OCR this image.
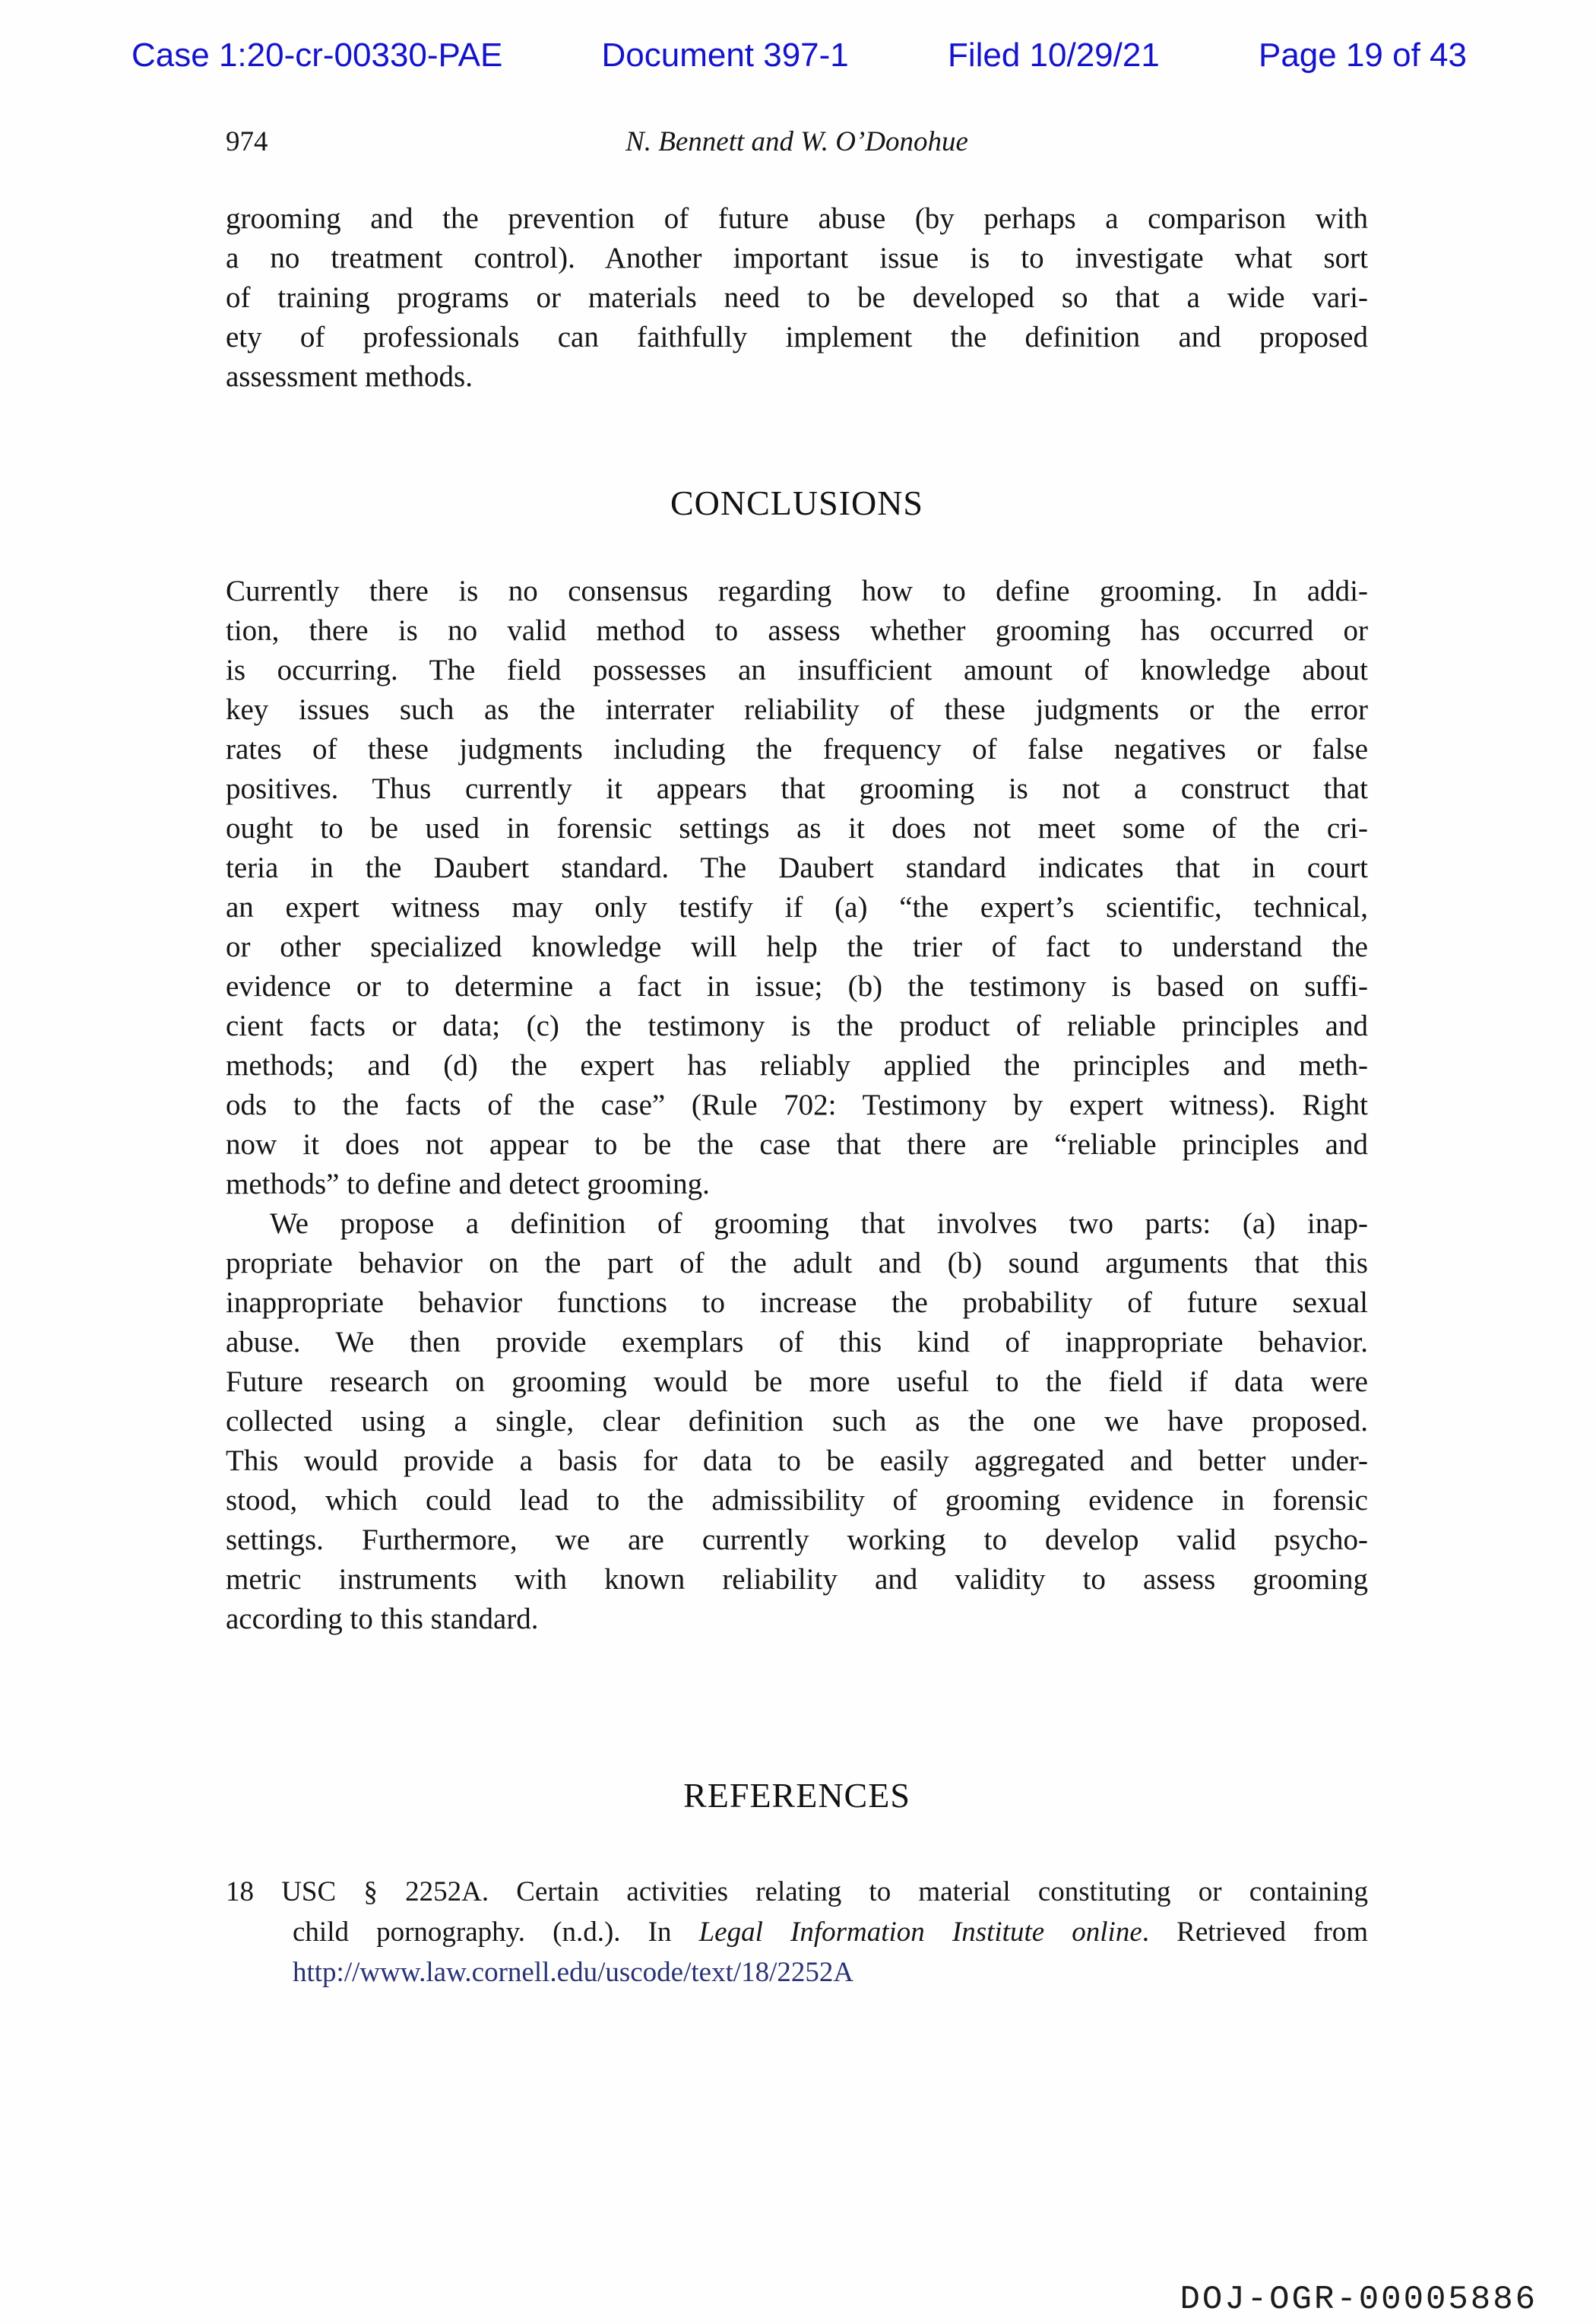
Case 1:20-cr-00330-PAE	Document 397-1	Filed 10/29/21	Page 19 of 43
974	N. Bennett and W. O’Donohue
grooming and the prevention of future abuse (by perhaps a comparison with
a no treatment control). Another important issue is to investigate what sort
of training programs or materials need to be developed so that a wide vari-
ety of professionals can faithfully implement the definition and proposed
assessment methods.
CONCLUSIONS
Currently there is no consensus regarding how to define grooming. In addi-
tion, there is no valid method to assess whether grooming has occurred or
is occurring. The field possesses an insufficient amount of knowledge about
key issues such as the interrater reliability of these judgments or the error
rates of these judgments including the frequency of false negatives or false
positives. Thus currently it appears that grooming is not a construct that
ought to be used in forensic settings as it does not meet some of the cri-
teria in the Daubert standard. The Daubert standard indicates that in court
an expert witness may only testify if (a) “the expert’s scientific, technical,
or other specialized knowledge will help the trier of fact to understand the
evidence or to determine a fact in issue; (b) the testimony is based on suffi-
cient facts or data; (c) the testimony is the product of reliable principles and
methods; and (d) the expert has reliably applied the principles and meth-
ods to the facts of the case” (Rule 702: Testimony by expert witness). Right
now it does not appear to be the case that there are “reliable principles and
methods” to define and detect grooming.
We propose a definition of grooming that involves two parts: (a) inap-
propriate behavior on the part of the adult and (b) sound arguments that this
inappropriate behavior functions to increase the probability of future sexual
abuse. We then provide exemplars of this kind of inappropriate behavior.
Future research on grooming would be more useful to the field if data were
collected using a single, clear definition such as the one we have proposed.
This would provide a basis for data to be easily aggregated and better under-
stood, which could lead to the admissibility of grooming evidence in forensic
settings. Furthermore, we are currently working to develop valid psycho-
metric instruments with known reliability and validity to assess grooming
according to this standard.
REFERENCES
18 USC § 2252A. Certain activities relating to material constituting or containing
child pornography. (n.d.). In Legal Information Institute online. Retrieved from
http://www.law.cornell.edu/uscode/text/18/2252A
DOJ-OGR-00005886
